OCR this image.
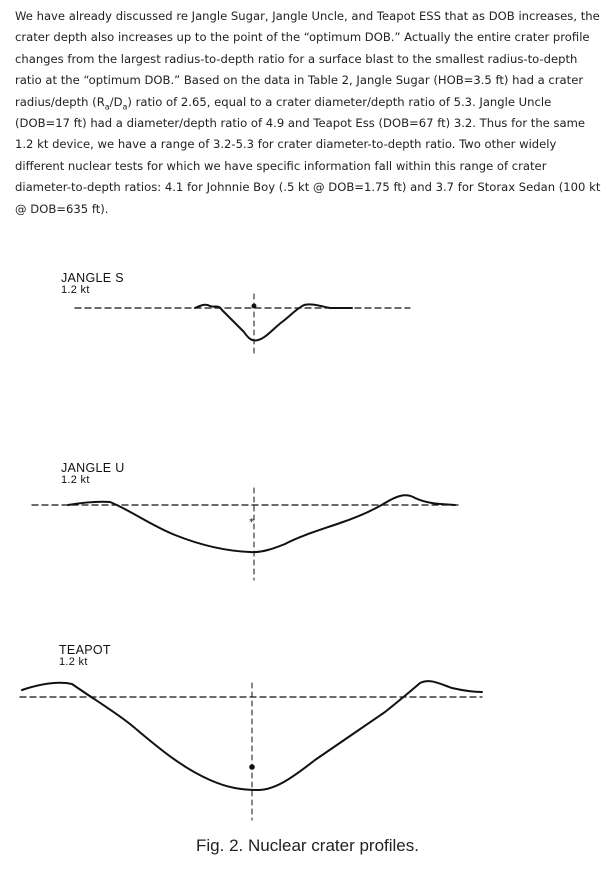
We have already discussed re Jangle Sugar, Jangle Uncle, and Teapot ESS that as DOB increases, the crater depth also increases up to the point of the “optimum DOB.” Actually the entire crater profile changes from the largest radius-to-depth ratio for a surface blast to the smallest radius-to-depth ratio at the “optimum DOB.” Based on the data in Table 2, Jangle Sugar (HOB=3.5 ft) had a crater radius/depth $(R_a/D_a)$ ratio of 2.65, equal to a crater diameter/depth ratio of 5.3. Jangle Uncle (DOB=17 ft) had a diameter/depth ratio of 4.9 and Teapot Ess (DOB=67 ft) 3.2. Thus for the same 1.2 kt device, we have a range of 3.2-5.3 for crater diameter-to-depth ratio. Two other widely different nuclear tests for which we have specific information fall within this range of crater diameter-to-depth ratios: 4.1 for Johnnie Boy (.5 kt @ DOB=1.75 ft) and 3.7 for Storax Sedan (100 kt @ DOB=635 ft).

JANGLE S
1.2 kt
JANGLE U
1.2 kt
TEAPOT
1.2 kt
*
Fig. 2. Nuclear crater profiles.
